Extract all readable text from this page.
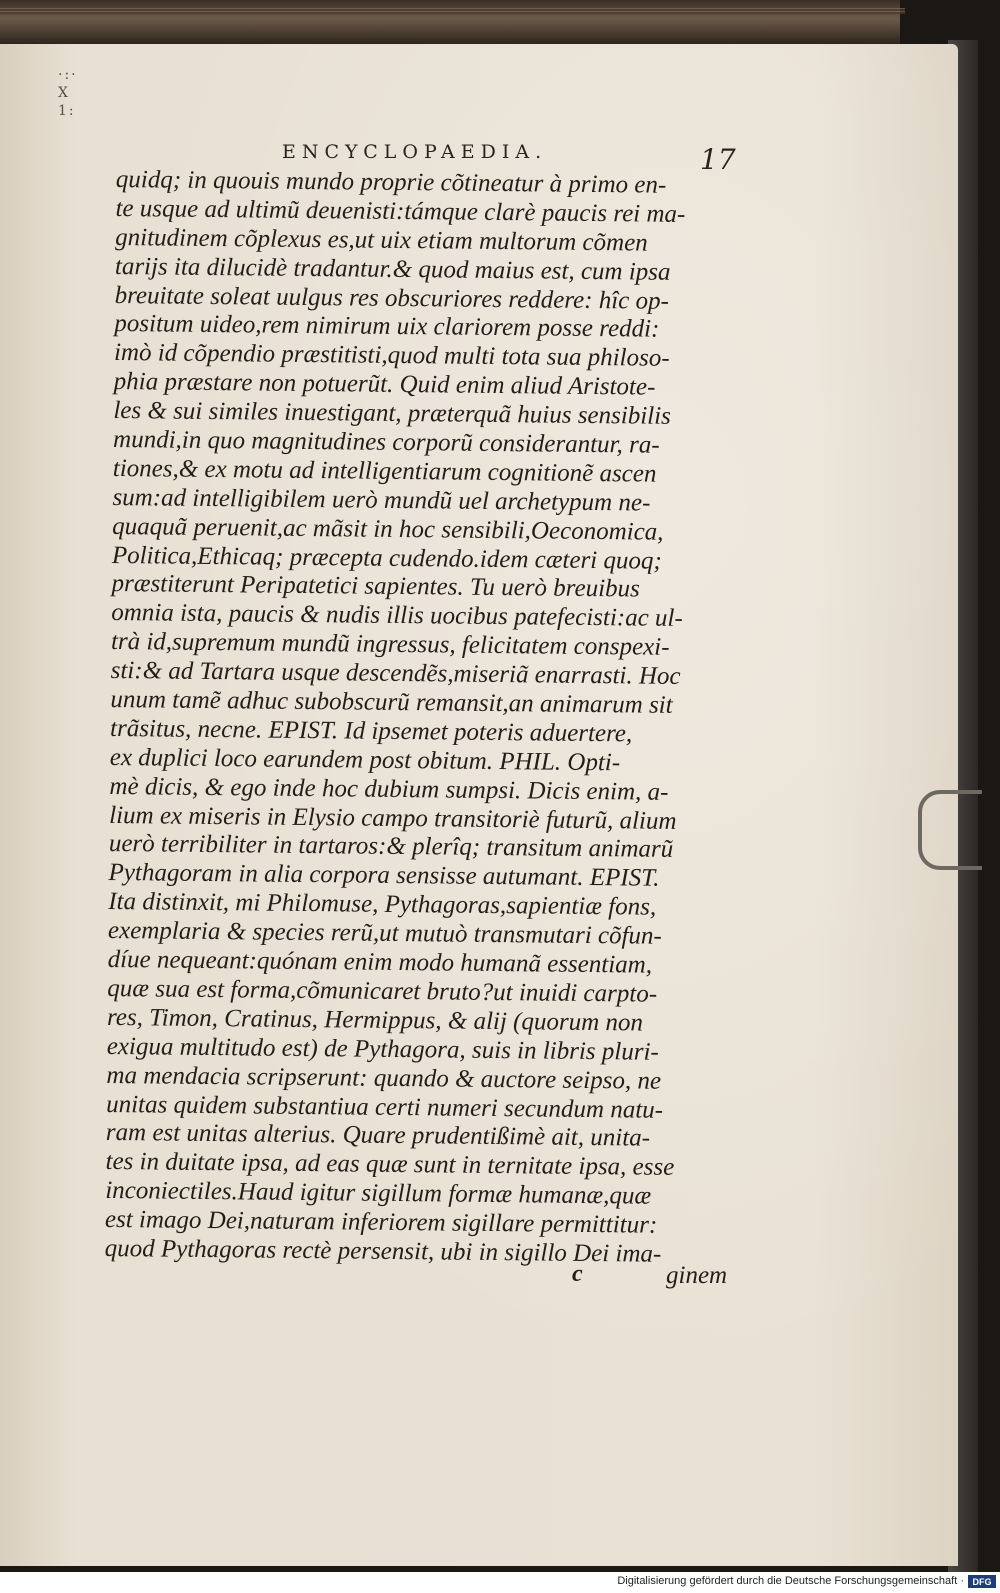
·:·
X
1:
ENCYCLOPAEDIA.	17
quidq; in quouis mundo proprie cõtineatur à primo en-
te usque ad ultimũ deuenisti:támque clarè paucis rei ma-
gnitudinem cõplexus es,ut uix etiam multorum cõmen
tarijs ita dilucidè tradantur.& quod maius est, cum ipsa
breuitate soleat uulgus res obscuriores reddere: hîc op-
positum uideo,rem nimirum uix clariorem posse reddi:
imò id cõpendio præstitisti,quod multi tota sua philoso-
phia præstare non potuerũt. Quid enim aliud Aristote-
les & sui similes inuestigant, præterquã huius sensibilis
mundi,in quo magnitudines corporũ considerantur, ra-
tiones,& ex motu ad intelligentiarum cognitionẽ ascen
sum:ad intelligibilem uerò mundũ uel archetypum ne-
quaquã peruenit,ac mãsit in hoc sensibili,Oeconomica,
Politica,Ethicaq; præcepta cudendo.idem cæteri quoq;
præstiterunt Peripatetici sapientes. Tu uerò breuibus
omnia ista, paucis & nudis illis uocibus patefecisti:ac ul-
trà id,supremum mundũ ingressus, felicitatem conspexi-
sti:& ad Tartara usque descendẽs,miseriã enarrasti. Hoc
unum tamẽ adhuc subobscurũ remansit,an animarum sit
trãsitus, necne. EPIST. Id ipsemet poteris aduertere,
ex duplici loco earundem post obitum. PHIL. Opti-
mè dicis, & ego inde hoc dubium sumpsi. Dicis enim, a-
lium ex miseris in Elysio campo transitoriè futurũ, alium
uerò terribiliter in tartaros:& plerîq; transitum animarũ
Pythagoram in alia corpora sensisse autumant. EPIST.
Ita distinxit, mi Philomuse, Pythagoras,sapientiæ fons,
exemplaria & species rerũ,ut mutuò transmutari cõfun-
díue nequeant:quónam enim modo humanã essentiam,
quæ sua est forma,cõmunicaret bruto?ut inuidi carpto-
res, Timon, Cratinus, Hermippus, & alij (quorum non
exigua multitudo est) de Pythagora, suis in libris pluri-
ma mendacia scripserunt: quando & auctore seipso, ne
unitas quidem substantiua certi numeri secundum natu-
ram est unitas alterius. Quare prudentißimè ait, unita-
tes in duitate ipsa, ad eas quæ sunt in ternitate ipsa, esse
inconiectiles.Haud igitur sigillum formæ humanæ,quæ
est imago Dei,naturam inferiorem sigillare permittitur:
quod Pythagoras rectè persensit, ubi in sigillo Dei ima-
c	ginem
Digitalisierung gefördert durch die Deutsche Forschungsgemeinschaft · DFG
